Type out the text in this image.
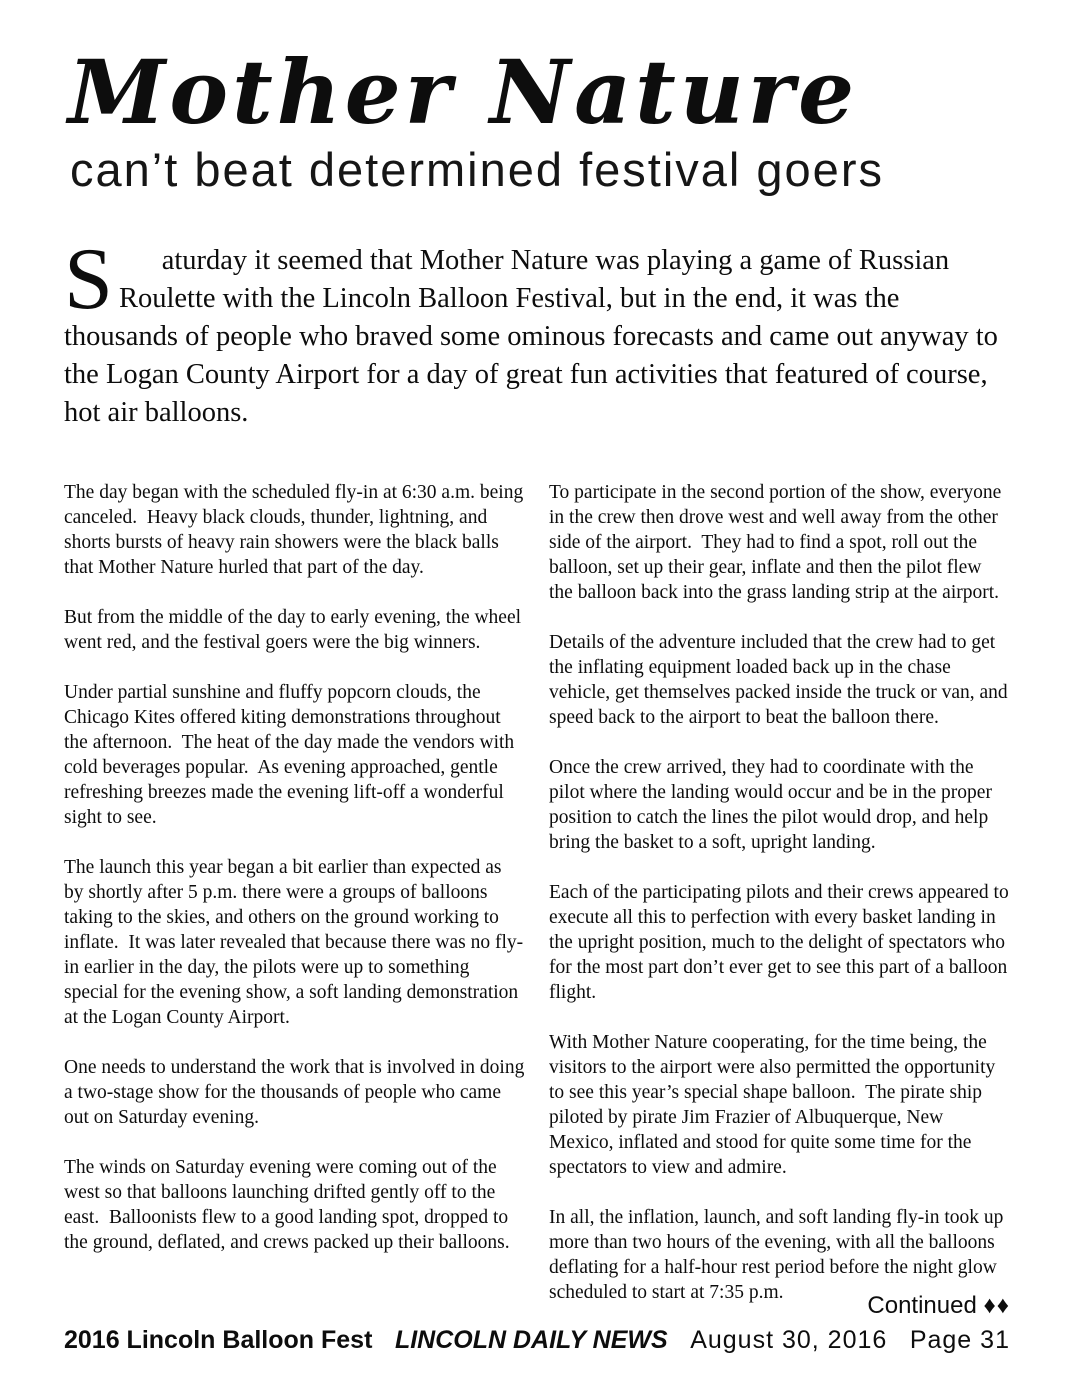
Mother Nature
can’t beat determined festival goers

S aturday it seemed that Mother Nature was playing a game of Russian Roulette with the Lincoln Balloon Festival, but in the end, it was the thousands of people who braved some ominous forecasts and came out anyway to the Logan County Airport for a day of great fun activities that featured of course, hot air balloons.

The day began with the scheduled fly-in at 6:30 a.m. being canceled.  Heavy black clouds, thunder, lightning, and shorts bursts of heavy rain showers were the black balls that Mother Nature hurled that part of the day.

But from the middle of the day to early evening, the wheel went red, and the festival goers were the big winners.

Under partial sunshine and fluffy popcorn clouds, the Chicago Kites offered kiting demonstrations throughout the afternoon.  The heat of the day made the vendors with cold beverages popular.  As evening approached, gentle refreshing breezes made the evening lift-off a wonderful sight to see.

The launch this year began a bit earlier than expected as by shortly after 5 p.m. there were a groups of balloons taking to the skies, and others on the ground working to inflate.  It was later revealed that because there was no fly-in earlier in the day, the pilots were up to something special for the evening show, a soft landing demonstration at the Logan County Airport.

One needs to understand the work that is involved in doing a two-stage show for the thousands of people who came out on Saturday evening.

The winds on Saturday evening were coming out of the west so that balloons launching drifted gently off to the east.  Balloonists flew to a good landing spot, dropped to the ground, deflated, and crews packed up their balloons.

To participate in the second portion of the show, everyone in the crew then drove west and well away from the other side of the airport.  They had to find a spot, roll out the balloon, set up their gear, inflate and then the pilot flew the balloon back into the grass landing strip at the airport.

Details of the adventure included that the crew had to get the inflating equipment loaded back up in the chase vehicle, get themselves packed inside the truck or van, and speed back to the airport to beat the balloon there.

Once the crew arrived, they had to coordinate with the pilot where the landing would occur and be in the proper position to catch the lines the pilot would drop, and help bring the basket to a soft, upright landing.

Each of the participating pilots and their crews appeared to execute all this to perfection with every basket landing in the upright position, much to the delight of spectators who for the most part don’t ever get to see this part of a balloon flight.

With Mother Nature cooperating, for the time being, the visitors to the airport were also permitted the opportunity to see this year’s special shape balloon.  The pirate ship piloted by pirate Jim Frazier of Albuquerque, New Mexico, inflated and stood for quite some time for the spectators to view and admire.

In all, the inflation, launch, and soft landing fly-in took up more than two hours of the evening, with all the balloons deflating for a half-hour rest period before the night glow scheduled to start at 7:35 p.m.	Continued ♦♦
2016 Lincoln Balloon Fest LINCOLN DAILY NEWS August 30, 2016 Page 31
